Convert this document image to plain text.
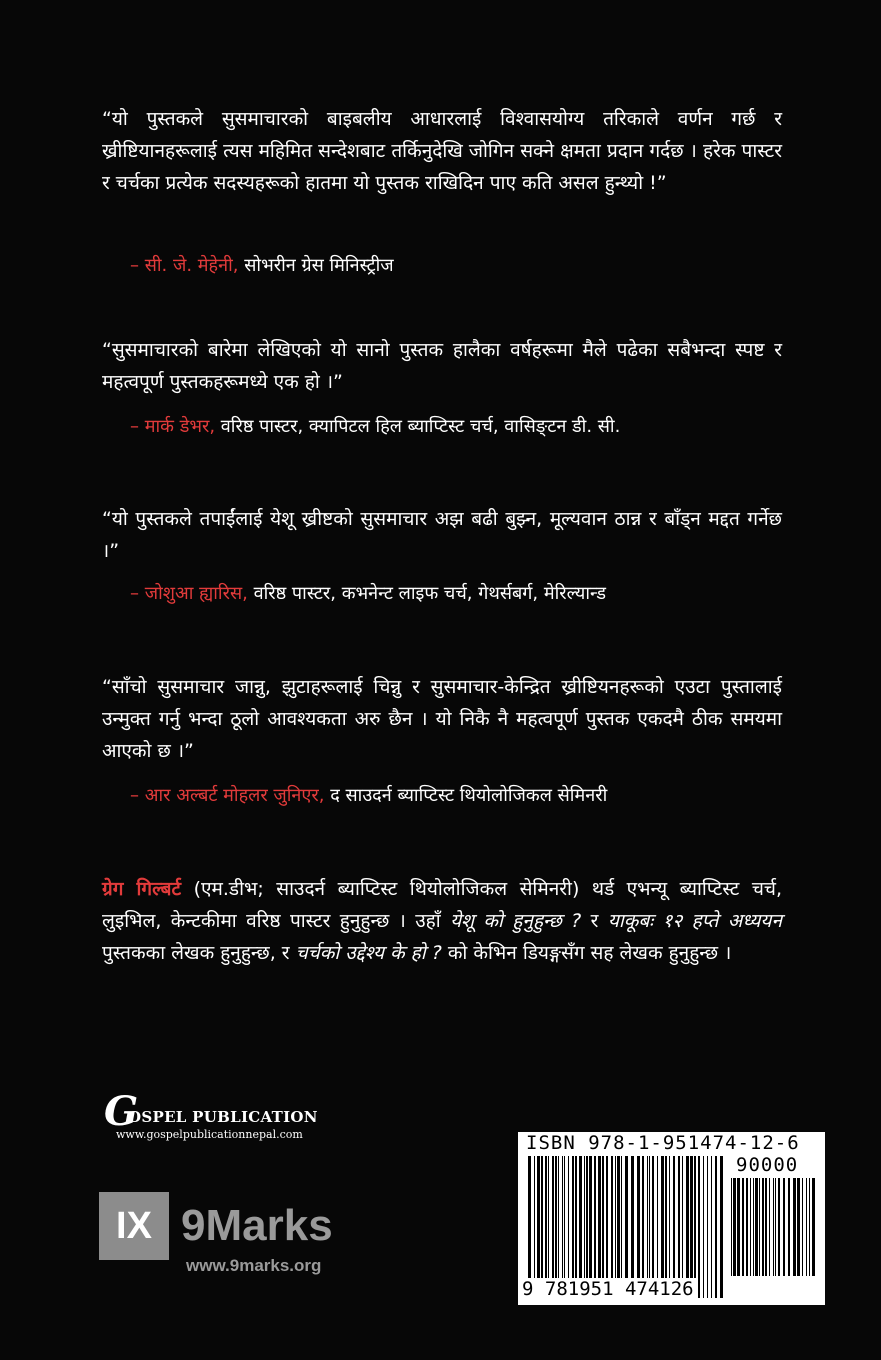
“यो पुस्तकले सुसमाचारको बाइबलीय आधारलाई विश्वासयोग्य तरिकाले वर्णन गर्छ र ख्रीष्टियानहरूलाई त्यस महिमित सन्देशबाट तर्किनुदेखि जोगिन सक्ने क्षमता प्रदान गर्दछ । हरेक पास्टर र चर्चका प्रत्येक सदस्यहरूको हातमा यो पुस्तक राखिदिन पाए कति असल हुन्थ्यो !”
– सी. जे. मेहेनी, सोभरीन ग्रेस मिनिस्ट्रीज
“सुसमाचारको बारेमा लेखिएको यो सानो पुस्तक हालैका वर्षहरूमा मैले पढेका सबैभन्दा स्पष्ट र महत्वपूर्ण पुस्तकहरूमध्ये एक हो ।”
– मार्क डेभर, वरिष्ठ पास्टर, क्यापिटल हिल ब्याप्टिस्ट चर्च, वासिङ्टन डी. सी.
“यो पुस्तकले तपाईंलाई येशू ख्रीष्टको सुसमाचार अझ बढी बुझ्न, मूल्यवान ठान्न र बाँड्न मद्दत गर्नेछ ।”
– जोशुआ ह्यारिस, वरिष्ठ पास्टर, कभनेन्ट लाइफ चर्च, गेथर्सबर्ग, मेरिल्यान्ड
“साँचो सुसमाचार जान्नु, झुटाहरूलाई चिन्नु र सुसमाचार-केन्द्रित ख्रीष्टियनहरूको एउटा पुस्तालाई उन्मुक्त गर्नु भन्दा ठूलो आवश्यकता अरु छैन । यो निकै नै महत्वपूर्ण पुस्तक एकदमै ठीक समयमा आएको छ ।”
– आर अल्बर्ट मोहलर जुनिएर, द साउदर्न ब्याप्टिस्ट थियोलोजिकल सेमिनरी
ग्रेग गिल्बर्ट (एम.डीभ; साउदर्न ब्याप्टिस्ट थियोलोजिकल सेमिनरी) थर्ड एभन्यू ब्याप्टिस्ट चर्च, लुइभिल, केन्टकीमा वरिष्ठ पास्टर हुनुहुन्छ । उहाँ येशू को हुनुहुन्छ ? र याकूबः १२ हप्ते अध्ययन पुस्तकका लेखक हुनुहुन्छ, र चर्चको उद्देश्य के हो ? को केभिन डियङ्गसँग सह लेखक हुनुहुन्छ ।
G
OSPEL PUBLICATION
www.gospelpublicationnepal.com
IX 9Marks
www.9marks.org
ISBN 978-1-951474-12-6
90000
9 781951 474126
